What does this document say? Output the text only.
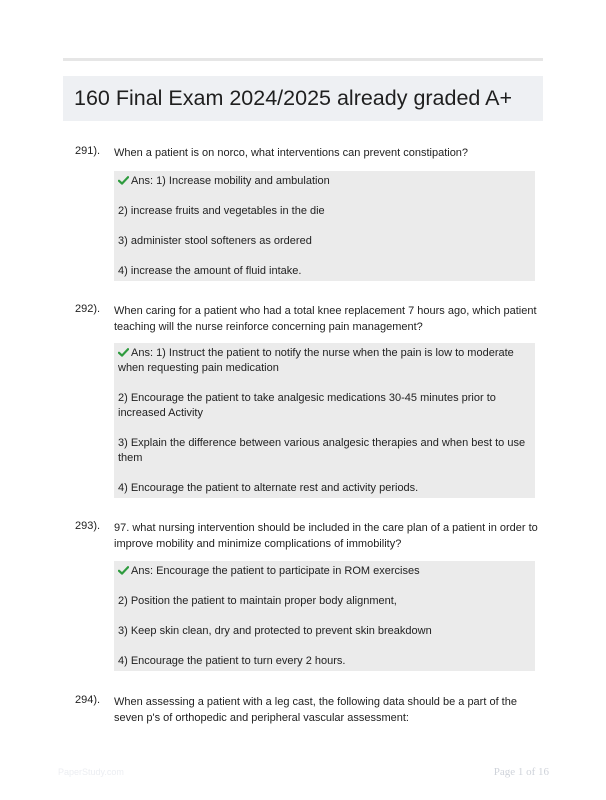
160 Final Exam 2024/2025 already graded A+
291). When a patient is on norco, what interventions can prevent constipation?

Ans: 1) Increase mobility and ambulation

2) increase fruits and vegetables in the die

3) administer stool softeners as ordered

4) increase the amount of fluid intake.

292). When caring for a patient who had a total knee replacement 7 hours ago, which patient teaching will the nurse reinforce concerning pain management?

Ans: 1) Instruct the patient to notify the nurse when the pain is low to moderate when requesting pain medication

2) Encourage the patient to take analgesic medications 30-45 minutes prior to increased Activity

3) Explain the difference between various analgesic therapies and when best to use them

4) Encourage the patient to alternate rest and activity periods.

293). 97. what nursing intervention should be included in the care plan of a patient in order to improve mobility and minimize complications of immobility?

Ans: Encourage the patient to participate in ROM exercises

2) Position the patient to maintain proper body alignment,

3) Keep skin clean, dry and protected to prevent skin breakdown

4) Encourage the patient to turn every 2 hours.

294). When assessing a patient with a leg cast, the following data should be a part of the seven p's of orthopedic and peripheral vascular assessment:
PaperStudy.com	Page 1 of 16
